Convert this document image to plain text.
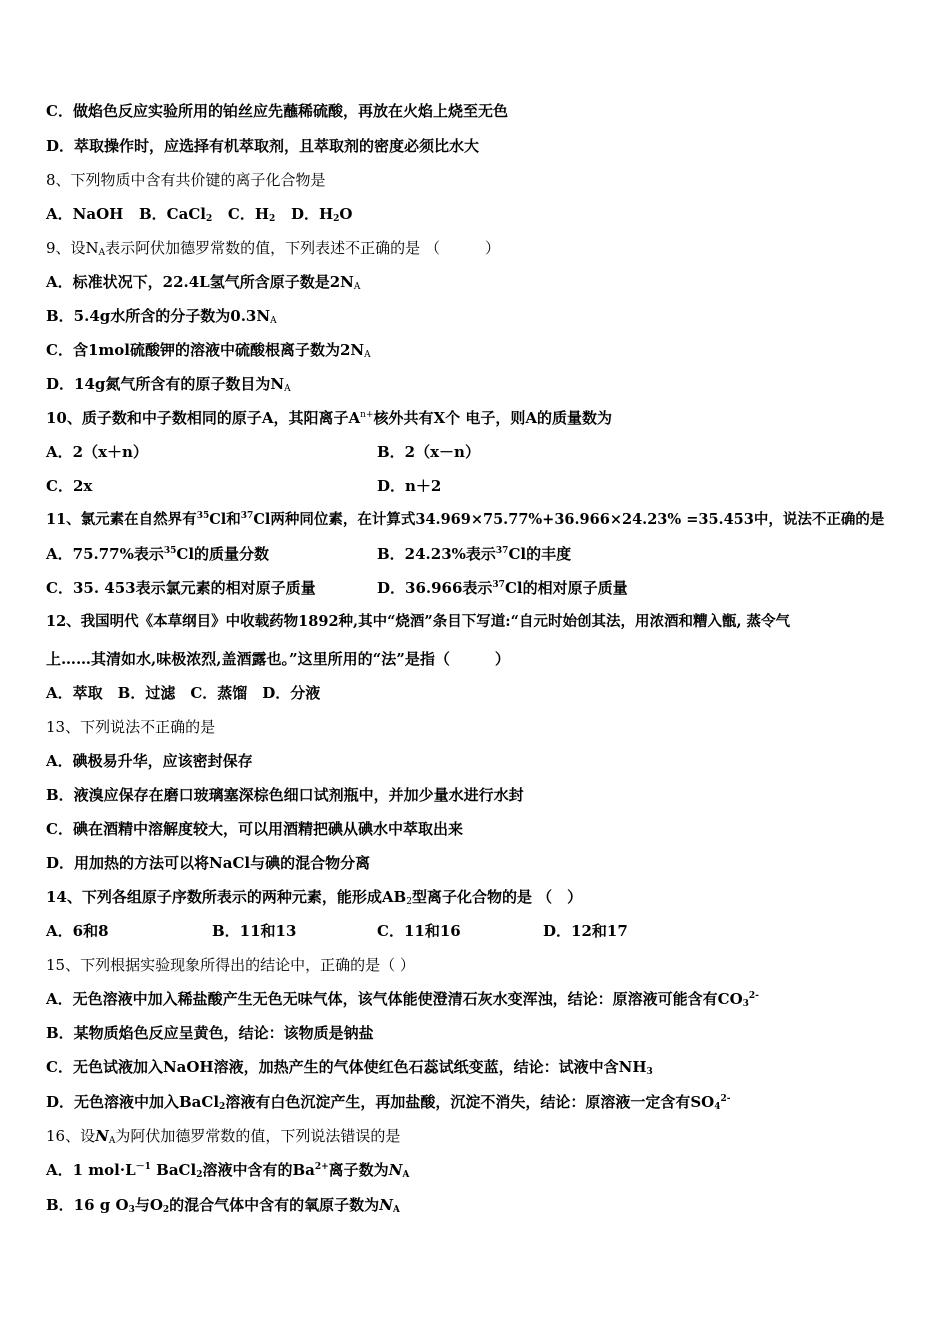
C．做焰色反应实验所用的铂丝应先蘸稀硫酸，再放在火焰上烧至无色
D．萃取操作时，应选择有机萃取剂，且萃取剂的密度必须比水大
8、下列物质中含有共价键的离子化合物是
A．NaOH B．CaCl$_2$ C．$H_2$ D．$H_2O$
9、设$N_A$表示阿伏加德罗常数的值，下列表述不正确的是 （　　　）
A．标准状况下，22.4L氢气所含原子数是$2N_A$
B．5.4g水所含的分子数为$0.3N_A$
C．含1mol硫酸钾的溶液中硫酸根离子数为$2N_A$
D．14g氮气所含有的原子数目为$N_A$
10、质子数和中子数相同的原子A，其阳离子$A^{n+}$核外共有X个 电子，则A的质量数为
A．2（x＋n）	B．2（x－n）
C．2x	D．n＋2
11、氯元素在自然界有$^{35}$Cl和$^{37}$Cl两种同位素，在计算式34.969×75.77%+36.966×24.23% =35.453中，说法不正确的是
A．75.77%表示$^{35}$Cl的质量分数	B．24.23%表示$^{37}$Cl的丰度
C．35. 453表示氯元素的相对原子质量	D．36.966表示$^{37}$Cl的相对原子质量
12、我国明代《本草纲目》中收载药物1892种,其中“烧酒”条目下写道:“自元时始创其法，用浓酒和糟入甑, 蒸令气
上……其清如水,味极浓烈,盖酒露也。”这里所用的“法”是指（　　　）
A．萃取　B．过滤　C．蒸馏　D．分液
13、下列说法不正确的是
A．碘极易升华，应该密封保存
B．液溴应保存在磨口玻璃塞深棕色细口试剂瓶中，并加少量水进行水封
C．碘在酒精中溶解度较大，可以用酒精把碘从碘水中萃取出来
D．用加热的方法可以将NaCl与碘的混合物分离
14、下列各组原子序数所表示的两种元素，能形成$AB_2$型离子化合物的是 （　）
A．6和8	B．11和13	C．11和16	D．12和17
15、下列根据实验现象所得出的结论中，正确的是（ ）
A．无色溶液中加入稀盐酸产生无色无味气体，该气体能使澄清石灰水变浑浊，结论：原溶液可能含有$CO_3^{2-}$
B．某物质焰色反应呈黄色，结论：该物质是钠盐
C．无色试液加入NaOH溶液，加热产生的气体使红色石蕊试纸变蓝，结论：试液中含$NH_3$
D．无色溶液中加入BaCl$_2$溶液有白色沉淀产生，再加盐酸，沉淀不消失，结论：原溶液一定含有$SO_4^{2-}$
16、设$N_A$为阿伏加德罗常数的值，下列说法错误的是
A．1 $mol\cdot L^{-1}$ BaCl$_2$溶液中含有的$Ba^{2+}$离子数为$N_A$
B．16 g $O_3$与$O_2$的混合气体中含有的氧原子数为$N_A$
